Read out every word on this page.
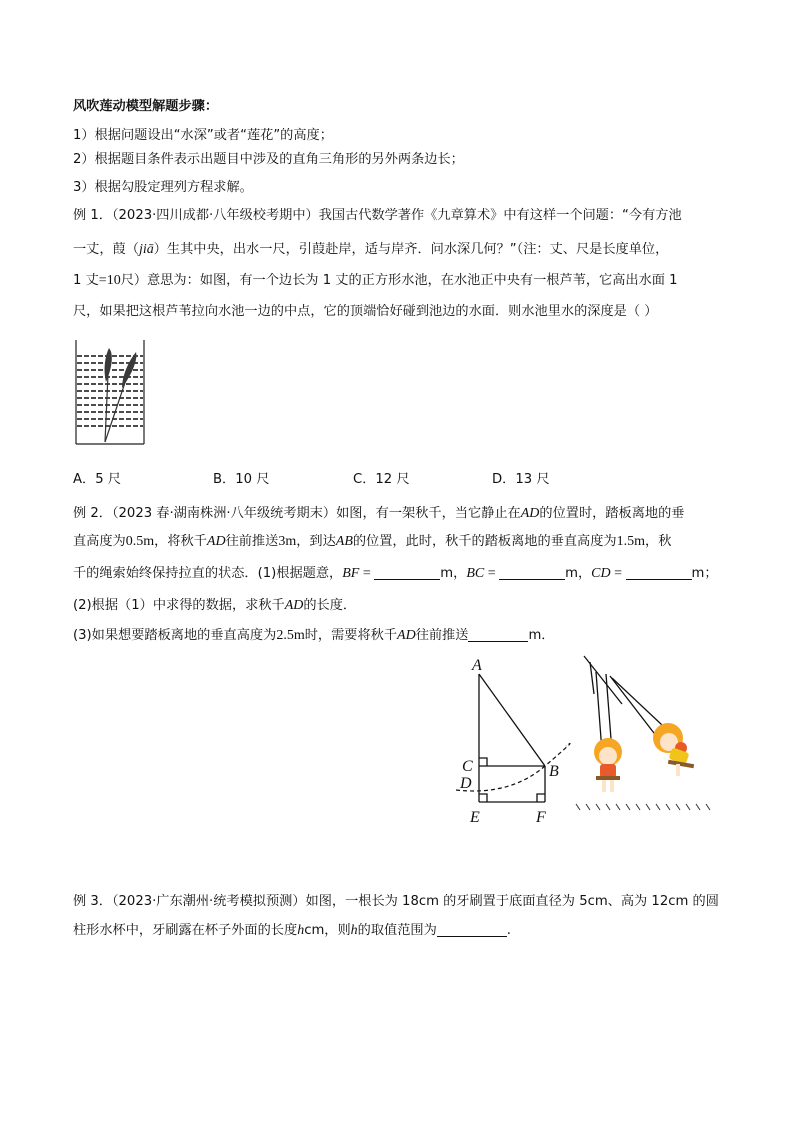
风吹莲动模型解题步骤：
1）根据问题设出“水深”或者“莲花”的高度；
2）根据题目条件表示出题目中涉及的直角三角形的另外两条边长；
3）根据勾股定理列方程求解。
例 1．（2023·四川成都·八年级校考期中）我国古代数学著作《九章算术》中有这样一个问题：“今有方池
一丈，葭（jiā）生其中央，出水一尺，引葭赴岸，适与岸齐．问水深几何？”（注：丈、尺是长度单位，
1 丈=10尺）意思为：如图，有一个边长为 1 丈的正方形水池，在水池正中央有一根芦苇，它高出水面 1
尺，如果把这根芦苇拉向水池一边的中点，它的顶端恰好碰到池边的水面．则水池里水的深度是（ ）
A．5 尺	B．10 尺	C．12 尺	D．13 尺
例 2．（2023 春·湖南株洲·八年级统考期末）如图，有一架秋千，当它静止在AD的位置时，踏板离地的垂
直高度为0.5m，将秋千AD往前推送3m，到达AB的位置，此时，秋千的踏板离地的垂直高度为1.5m，秋
千的绳索始终保持拉直的状态．(1)根据题意，BF =	m，BC =	m，CD =	m；
(2)根据（1）中求得的数据，求秋千AD的长度．
(3)如果想要踏板离地的垂直高度为2.5m时，需要将秋千AD往前推送	m．
A
B
C
D
E	F
例 3．（2023·广东潮州·统考模拟预测）如图，一根长为 18cm 的牙刷置于底面直径为 5cm、高为 12cm 的圆
柱形水杯中，牙刷露在杯子外面的长度hcm，则h的取值范围为	.
